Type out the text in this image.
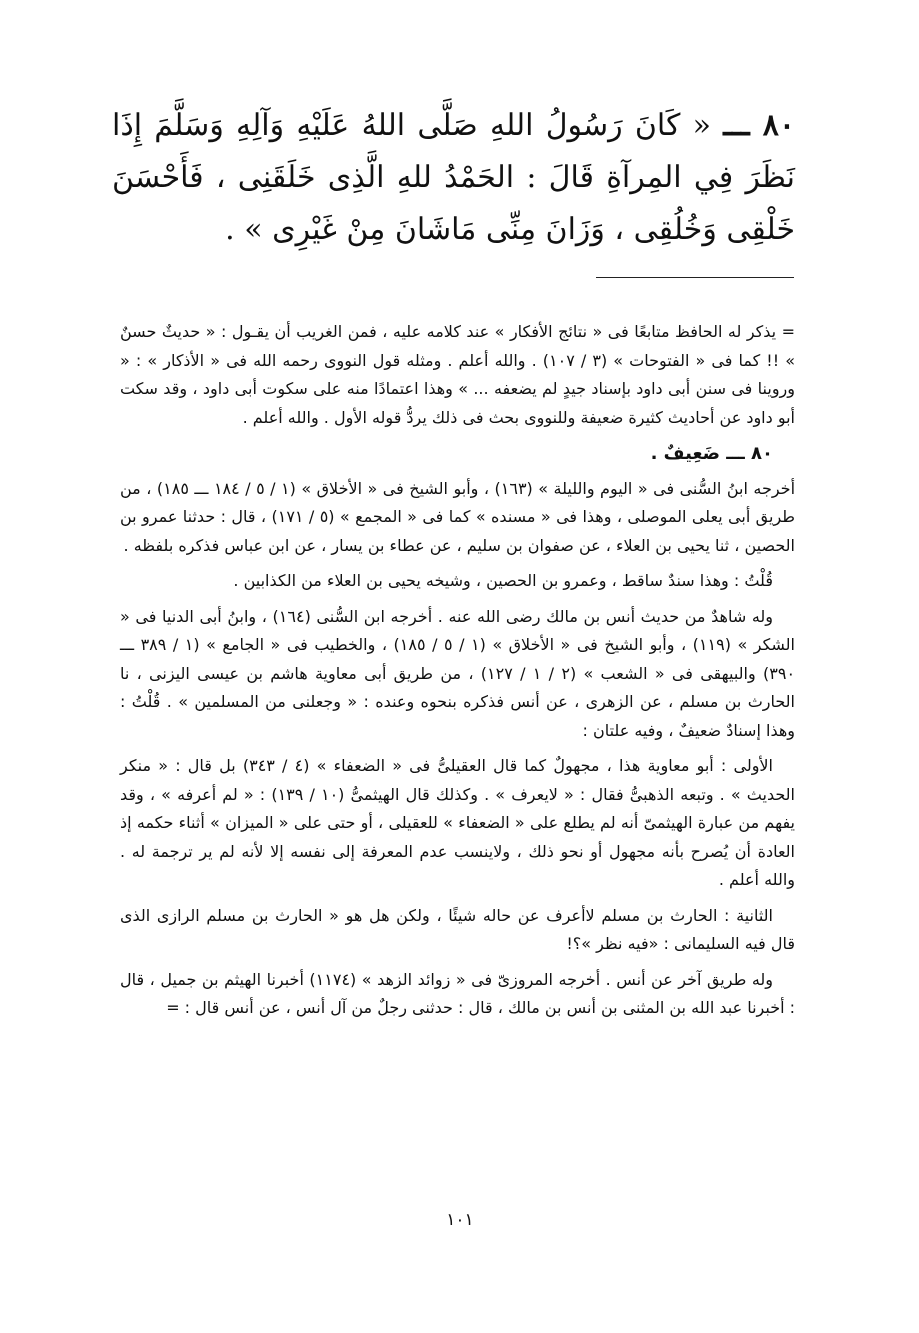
٨٠ ـــ « كَانَ رَسُولُ اللهِ صَلَّى اللهُ عَلَيْهِ وَآلِهِ وَسَلَّمَ إِذَا نَظَرَ فِي المِرآةِ قَالَ : الحَمْدُ للهِ الَّذِى خَلَقَنِى ، فَأَحْسَنَ خَلْقِى وَخُلُقِى ، وَزَانَ مِنِّى مَاشَانَ مِنْ غَيْرِى » .

= يذكر له الحافظ متابعًا فى « نتائج الأفكار » عند كلامه عليه ، فمن الغريب أن يقـول : « حديثٌ حسنٌ » !! كما فى « الفتوحات » (٣ / ١٠٧) . والله أعلم . ومثله قول النووى رحمه الله فى « الأذكار » : « وروينا فى سنن أبى داود بإسناد جيدٍ لم يضعفه ... » وهذا اعتمادًا منه على سكوت أبى داود ، وقد سكت أبو داود عن أحاديث كثيرة ضعيفة وللنووى بحث فى ذلك يردُّ قوله الأول . والله أعلم .

٨٠ ـــ ضَعِيفٌ .

أخرجه ابنُ السُّنى فى « اليوم والليلة » (١٦٣) ، وأبو الشيخ فى « الأخلاق » (١ / ٥ / ١٨٤ ـــ ١٨٥) ، من طريق أبى يعلى الموصلى ، وهذا فى « مسنده » كما فى « المجمع » (٥ / ١٧١) ، قال : حدثنا عمرو بن الحصين ، ثنا يحيى بن العلاء ، عن صفوان بن سليم ، عن عطاء بن يسار ، عن ابن عباس فذكره بلفظه .

قُلْتُ : وهذا سندٌ ساقط ، وعمرو بن الحصين ، وشيخه يحيى بن العلاء من الكذابين .

وله شاهدٌ من حديث أنس بن مالك رضى الله عنه . أخرجه ابن السُّنى (١٦٤) ، وابنُ أبى الدنيا فى « الشكر » (١١٩) ، وأبو الشيخ فى « الأخلاق » (١ / ٥ / ١٨٥) ، والخطيب فى « الجامع » (١ / ٣٨٩ ـــ ٣٩٠) والبيهقى فى « الشعب » (٢ / ١ / ١٢٧) ، من طريق أبى معاوية هاشم بن عيسى اليزنى ، نا الحارث بن مسلم ، عن الزهرى ، عن أنس فذكره بنحوه وعنده : « وجعلنى من المسلمين » . قُلْتُ : وهذا إسنادٌ ضعيفٌ ، وفيه علتان :

الأولى : أبو معاوية هذا ، مجهولٌ كما قال العقيلىُّ فى « الضعفاء » (٤ / ٣٤٣) بل قال : « منكر الحديث » . وتبعه الذهبىُّ فقال : « لايعرف » . وكذلك قال الهيثمىُّ (١٠ / ١٣٩) : « لم أعرفه » ، وقد يفهم من عبارة الهيثمىّ أنه لم يطلع على « الضعفاء » للعقيلى ، أو حتى على « الميزان » أثناء حكمه إذ العادة أن يُصرح بأنه مجهول أو نحو ذلك ، ولاينسب عدم المعرفة إلى نفسه إلا لأنه لم ير ترجمة له . والله أعلم .

الثانية : الحارث بن مسلم لاأعرف عن حاله شيئًا ، ولكن هل هو « الحارث بن مسلم الرازى الذى قال فيه السليمانى : «فيه نظر »؟!

وله طريق آخر عن أنس . أخرجه المروزىّ فى « زوائد الزهد » (١١٧٤) أخبرنا الهيثم بن جميل ، قال : أخبرنا عبد الله بن المثنى بن أنس بن مالك ، قال : حدثنى رجلٌ من آل أنس ، عن أنس قال : =

١٠١
